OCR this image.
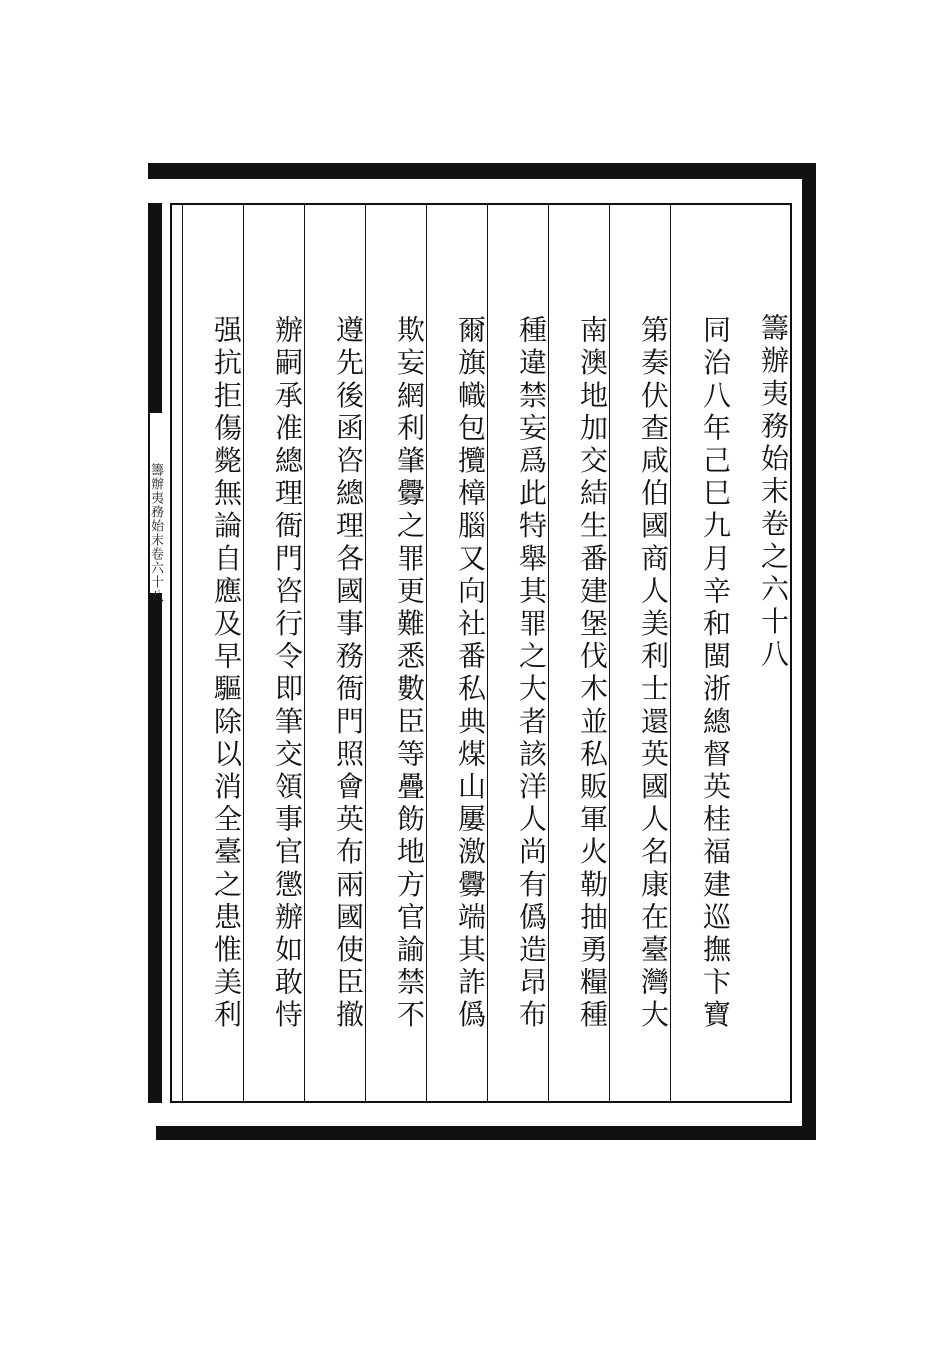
籌辦夷務始末卷六十八	籌辦夷務始末卷之六十八
同治八年己巳九月辛和閩浙總督英桂福建巡撫卞寶
第奏伏查咸伯國商人美利士還英國人名康在臺灣大
南澳地加交結生番建堡伐木並私販軍火勒抽勇糧種
種違禁妄爲此特舉其罪之大者該洋人尚有僞造昂布
爾旗幟包攬樟腦又向社番私典煤山屢激釁端其詐僞
欺妄網利肇釁之罪更難悉數臣等疊飭地方官諭禁不
遵先後函咨總理各國事務衙門照會英布兩國使臣撤
辦嗣承准總理衙門咨行令即筆交領事官懲辦如敢恃
强抗拒傷斃無論自應及早驅除以消全臺之患惟美利
